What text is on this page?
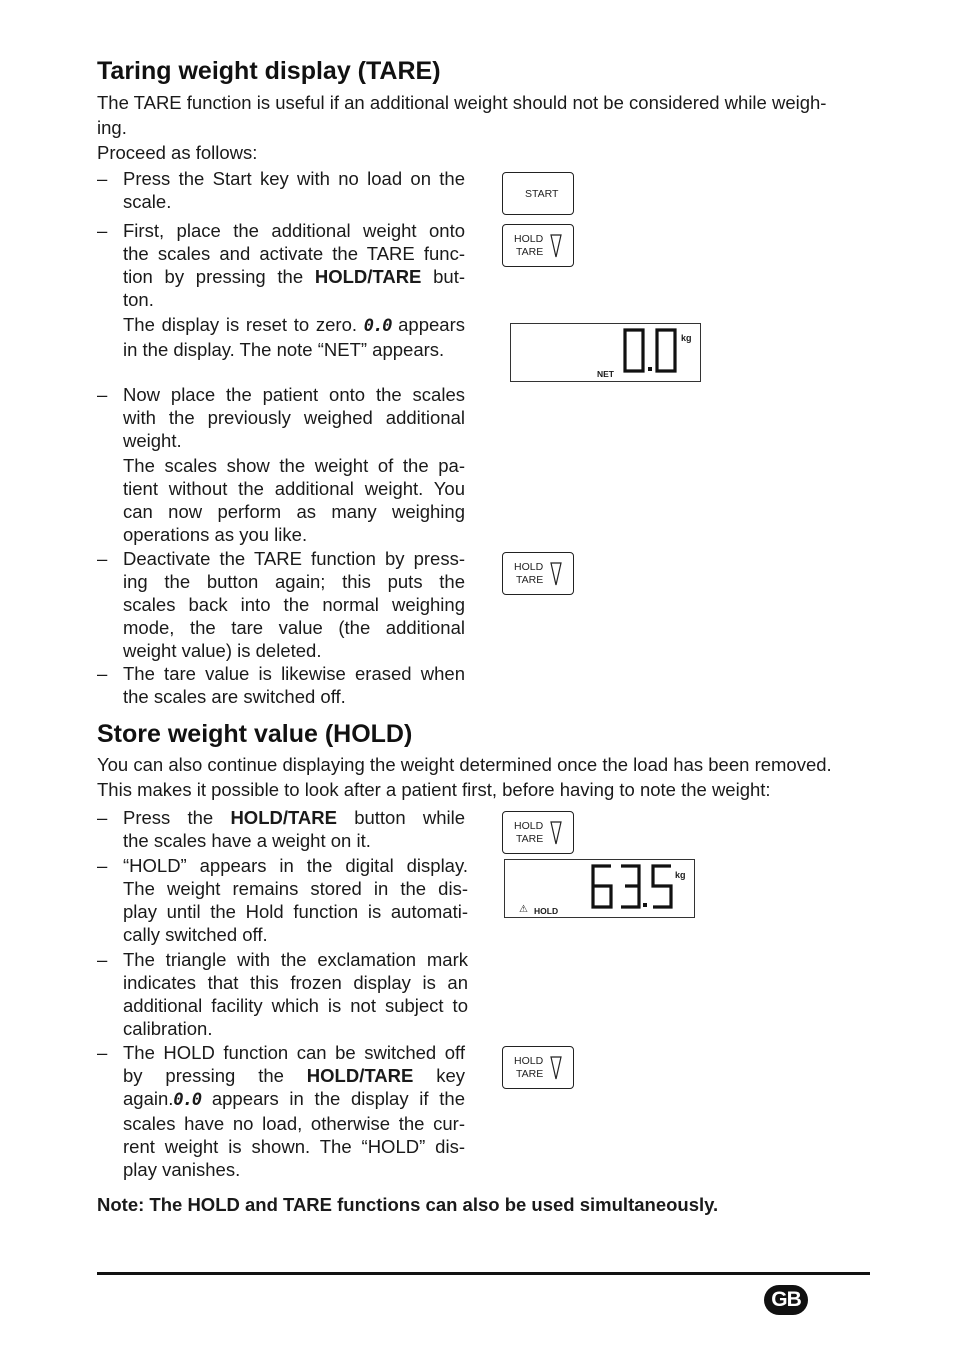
Taring weight display (TARE)
The TARE function is useful if an additional weight should not be considered while weigh-
ing.
Proceed as follows:
– Press the Start key with no load on the
scale.
– First, place the additional weight onto
the scales and activate the TARE func-
tion by pressing the HOLD/TARE but-
ton.
The display is reset to zero. 0.0 appears
in the display. The note “NET” appears.
– Now place the patient onto the scales
with the previously weighed additional
weight.
The scales show the weight of the pa-
tient without the additional weight. You
can now perform as many weighing
operations as you like.
– Deactivate the TARE function by press-
ing the button again; this puts the
scales back into the normal weighing
mode, the tare value (the additional
weight value) is deleted.
– The tare value is likewise erased when
the scales are switched off.
START
HOLD
TARE
kg
NET
HOLD
TARE
Store weight value (HOLD)
You can also continue displaying the weight determined once the load has been removed.
This makes it possible to look after a patient first, before having to note the weight:
– Press the HOLD/TARE button while
the scales have a weight on it.
– “HOLD” appears in the digital display.
The weight remains stored in the dis-
play until the Hold function is automati-
cally switched off.
– The triangle with the exclamation mark
indicates that this frozen display is an
additional facility which is not subject to
calibration.
– The HOLD function can be switched off
by pressing the HOLD/TARE key
again.0.0 appears in the display if the
scales have no load, otherwise the cur-
rent weight is shown. The “HOLD” dis-
play vanishes.
HOLD
TARE
kg
⚠ HOLD
HOLD
TARE
Note: The HOLD and TARE functions can also be used simultaneously.
GB
